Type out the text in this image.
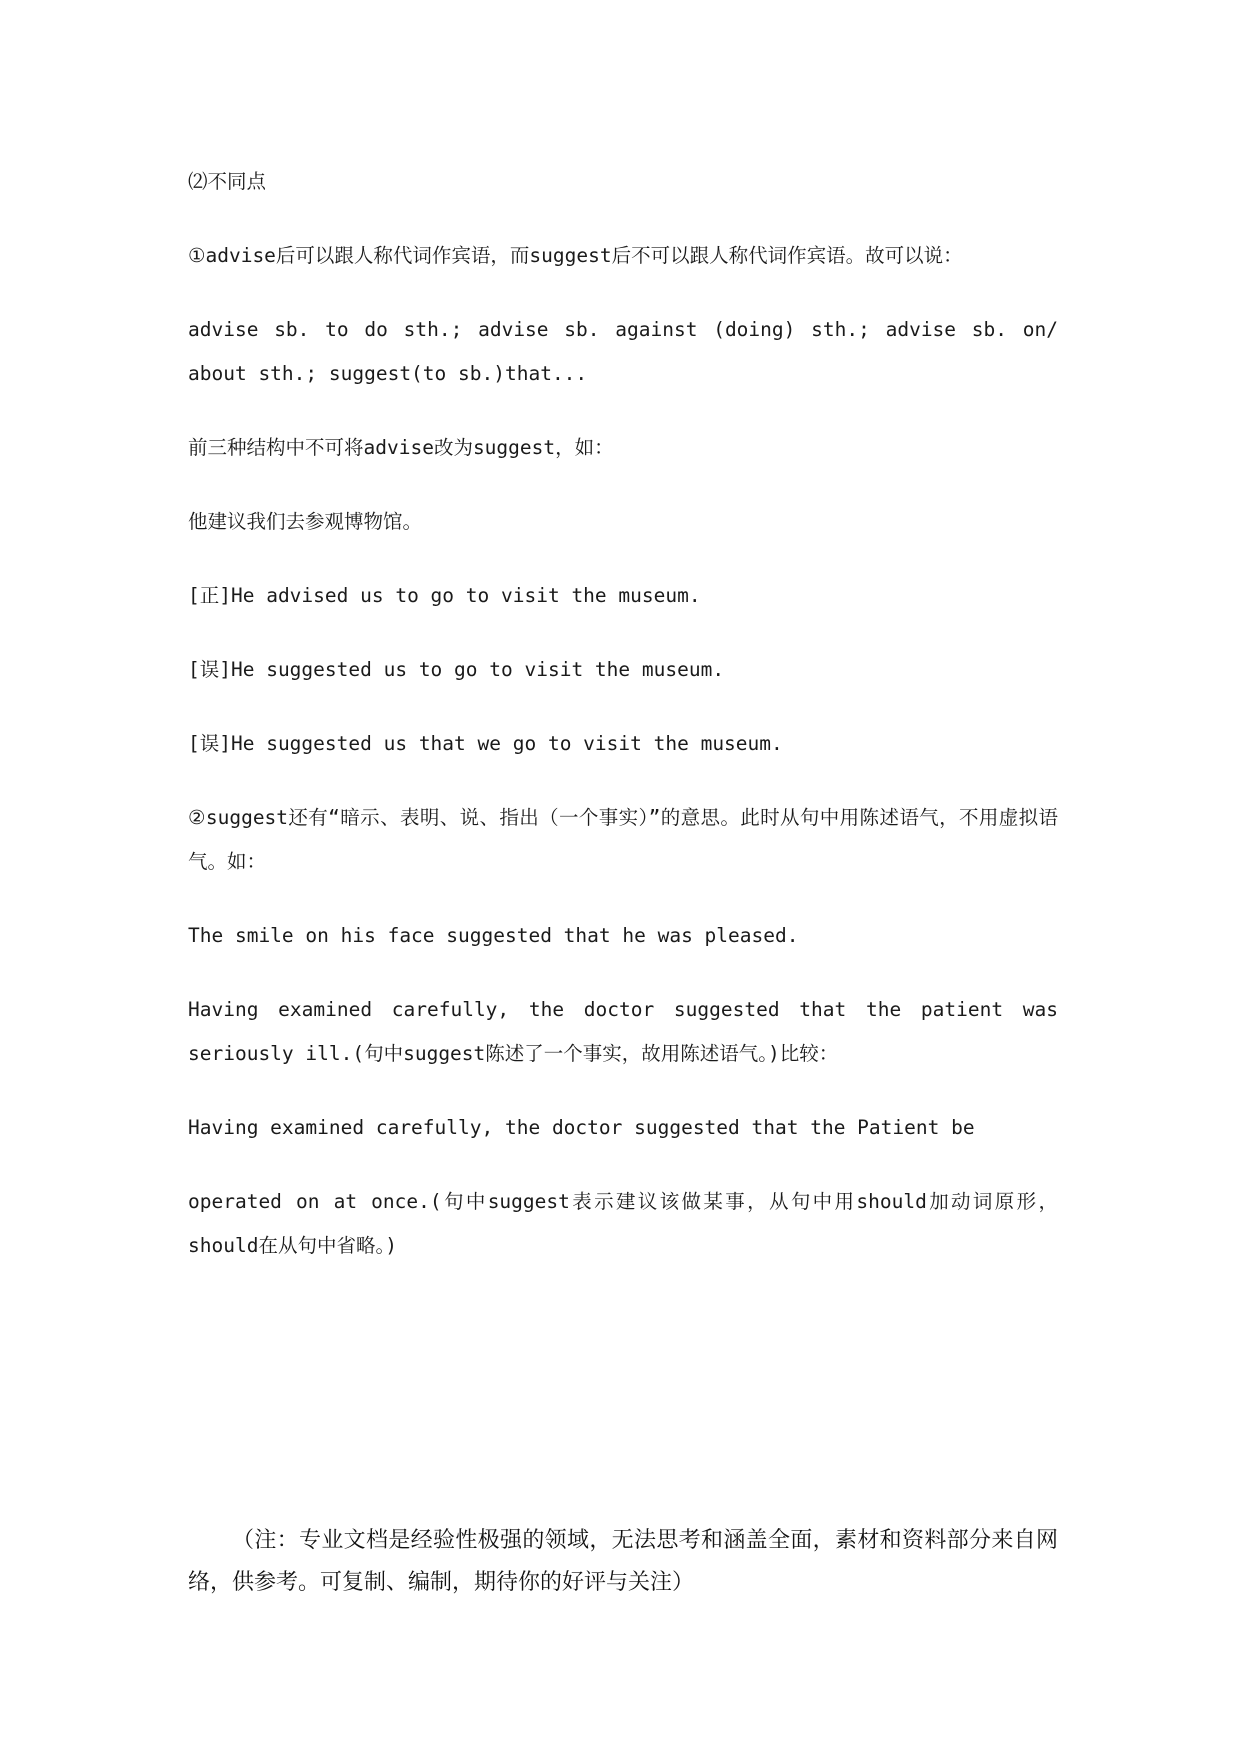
⑵不同点

①advise后可以跟人称代词作宾语，而suggest后不可以跟人称代词作宾语。故可以说：

advise sb. to do sth.; advise sb. against (doing) sth.; advise sb. on/ about sth.; suggest(to sb.)that...

前三种结构中不可将advise改为suggest，如：

他建议我们去参观博物馆。

[正]He advised us to go to visit the museum.

[误]He suggested us to go to visit the museum.

[误]He suggested us that we go to visit the museum.

②suggest还有“暗示、表明、说、指出（一个事实）”的意思。此时从句中用陈述语气，不用虚拟语气。如：

The smile on his face suggested that he was pleased.

Having examined carefully, the doctor suggested that the patient was seriously ill.(句中suggest陈述了一个事实，故用陈述语气。)比较：

Having examined carefully, the doctor suggested that the Patient be

operated on at once.(句中suggest表示建议该做某事，从句中用should加动词原形，should在从句中省略。)

（注：专业文档是经验性极强的领域，无法思考和涵盖全面，素材和资料部分来自网络，供参考。可复制、编制，期待你的好评与关注）
